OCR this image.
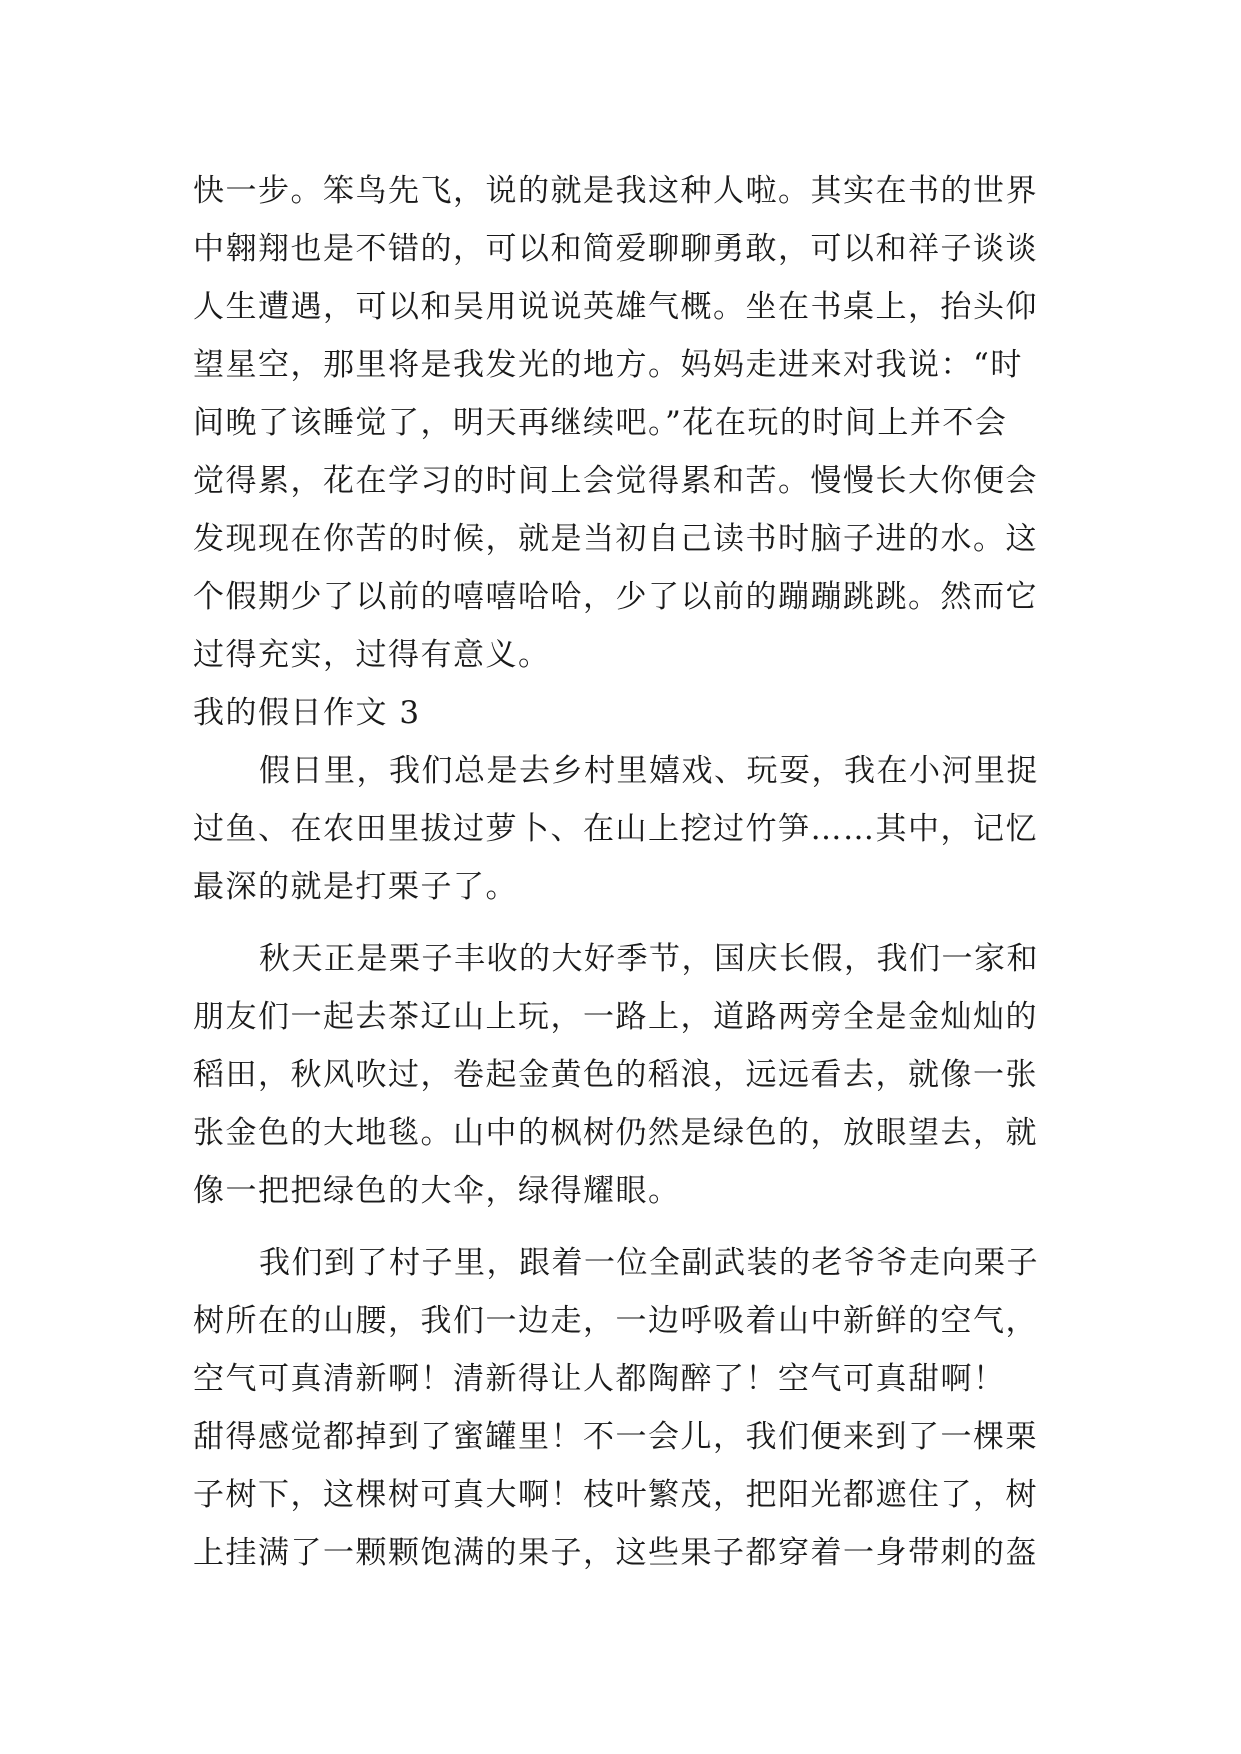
快一步。笨鸟先飞，说的就是我这种人啦。其实在书的世界
中翱翔也是不错的，可以和简爱聊聊勇敢，可以和祥子谈谈
人生遭遇，可以和吴用说说英雄气概。坐在书桌上，抬头仰
望星空，那里将是我发光的地方。妈妈走进来对我说：“时
间晚了该睡觉了，明天再继续吧。”花在玩的时间上并不会
觉得累，花在学习的时间上会觉得累和苦。慢慢长大你便会
发现现在你苦的时候，就是当初自己读书时脑子进的水。这
个假期少了以前的嘻嘻哈哈，少了以前的蹦蹦跳跳。然而它
过得充实，过得有意义。
我的假日作文 3
假日里，我们总是去乡村里嬉戏、玩耍，我在小河里捉
过鱼、在农田里拔过萝卜、在山上挖过竹笋……其中，记忆
最深的就是打栗子了。
秋天正是栗子丰收的大好季节，国庆长假，我们一家和
朋友们一起去茶辽山上玩，一路上，道路两旁全是金灿灿的
稻田，秋风吹过，卷起金黄色的稻浪，远远看去，就像一张
张金色的大地毯。山中的枫树仍然是绿色的，放眼望去，就
像一把把绿色的大伞，绿得耀眼。
我们到了村子里，跟着一位全副武装的老爷爷走向栗子
树所在的山腰，我们一边走，一边呼吸着山中新鲜的空气，
空气可真清新啊！清新得让人都陶醉了！空气可真甜啊！
甜得感觉都掉到了蜜罐里！不一会儿，我们便来到了一棵栗
子树下，这棵树可真大啊！枝叶繁茂，把阳光都遮住了，树
上挂满了一颗颗饱满的果子，这些果子都穿着一身带刺的盔
